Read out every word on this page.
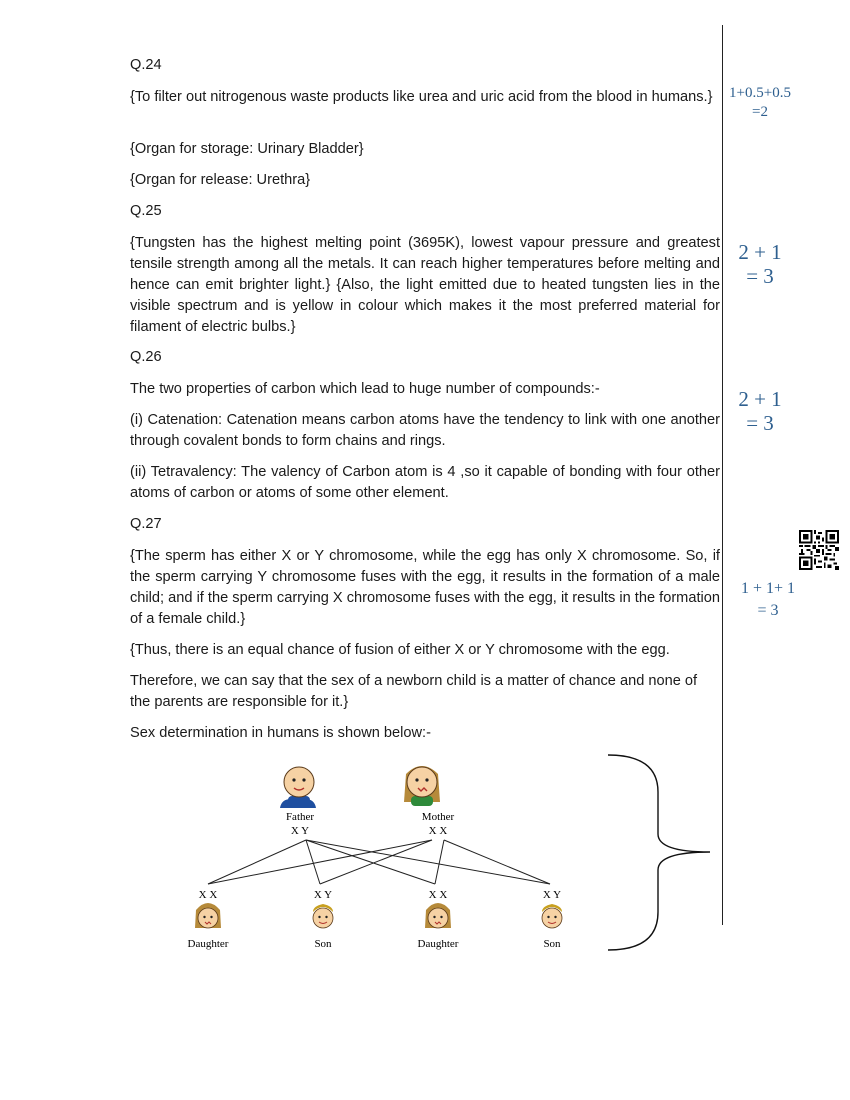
Q.24

{To filter out nitrogenous waste products like urea and uric acid from the blood in humans.}

{Organ for storage: Urinary Bladder}

{Organ for release: Urethra}

Q.25

{Tungsten has the highest melting point (3695K), lowest vapour pressure and greatest tensile strength among all the metals. It can reach higher temperatures before melting and hence can emit brighter light.} {Also, the light emitted due to heated tungsten lies in the visible spectrum and is yellow in colour which makes it the most preferred material for filament of electric bulbs.}

Q.26

The two properties of carbon which lead to huge number of compounds:-

(i) Catenation: Catenation means carbon atoms have the tendency to link with one another through covalent bonds to form chains and rings.

(ii) Tetravalency: The valency of Carbon atom is 4 ,so it capable of bonding with four other atoms of carbon or atoms of some other element.

Q.27

{The sperm has either X or Y chromosome, while the egg has only X chromosome. So, if the sperm carrying Y chromosome fuses with the egg, it results in the formation of a male child; and if the sperm carrying X chromosome fuses with the egg, it results in the formation of a female child.}

{Thus, there is an equal chance of fusion of either X or Y chromosome with the egg.

Therefore, we can say that the sex of a newborn child is a matter of chance and none of the parents are responsible for it.}

Sex determination in humans is shown below:-

1+0.5+0.5
=2
2 + 1
= 3
2 + 1
= 3
1 + 1+ 1
= 3
Father
X Y
Mother
X X
X X	X Y	X X	X Y
Daughter	Son	Daughter	Son
